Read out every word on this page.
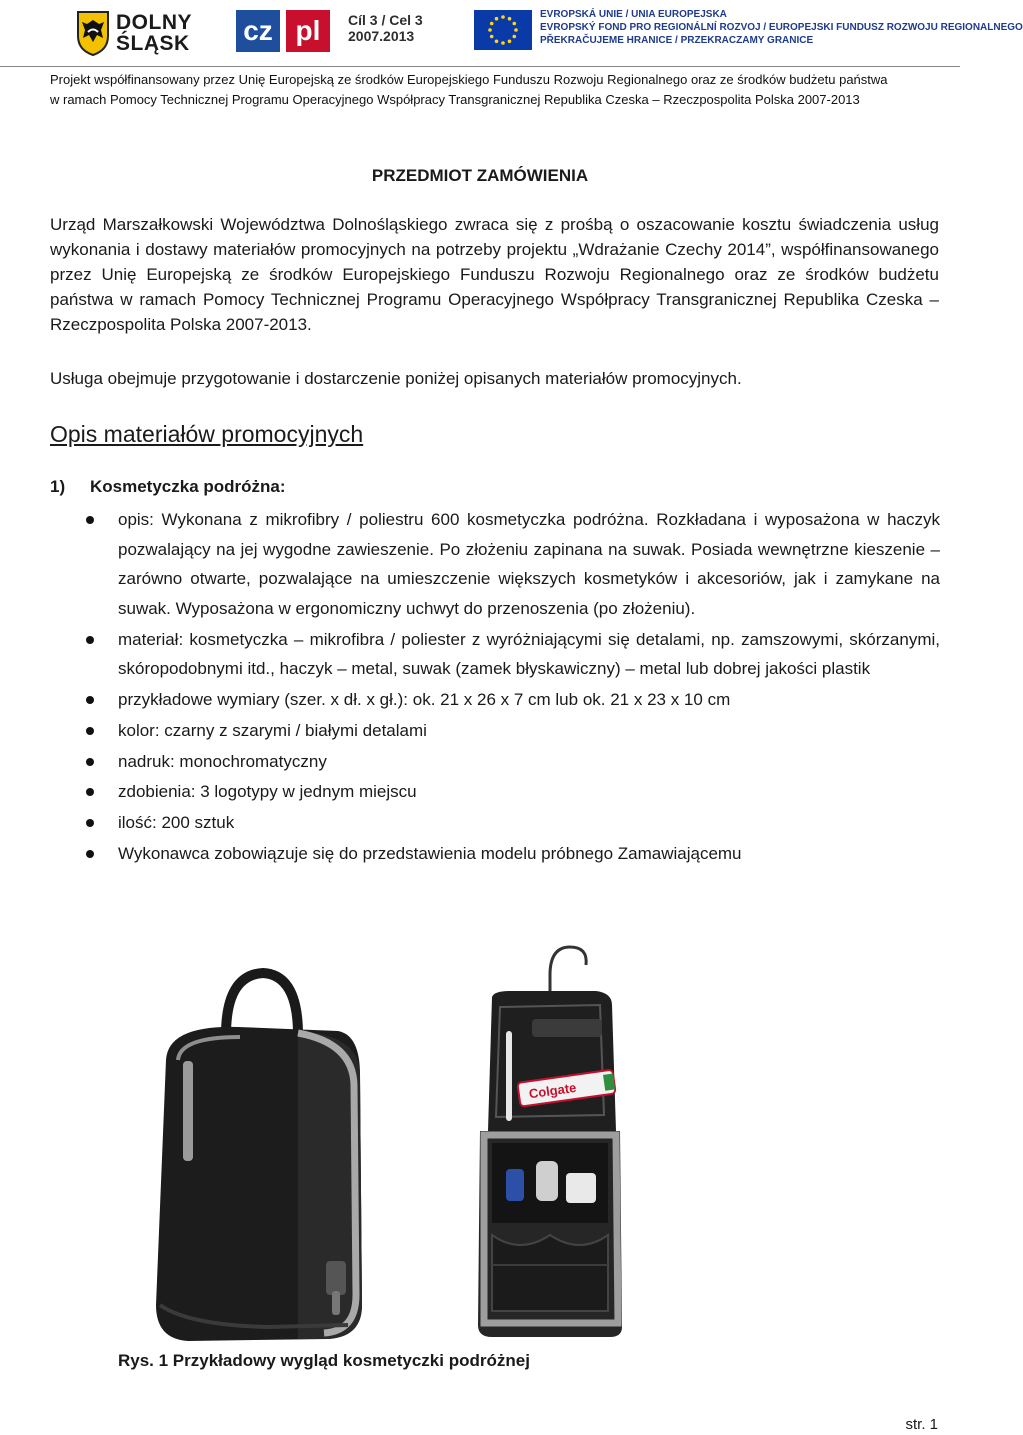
DOLNY
ŚLĄSK cz pl	Cíl 3 / Cel 3
2007.2013
EVROPSKÁ UNIE / UNIA EUROPEJSKA
EVROPSKÝ FOND PRO REGIONÁLNÍ ROZVOJ / EUROPEJSKI FUNDUSZ ROZWOJU REGIONALNEGO
PŘEKRAČUJEME HRANICE / PRZEKRACZAMY GRANICE
Projekt współfinansowany przez Unię Europejską ze środków Europejskiego Funduszu Rozwoju Regionalnego oraz ze środków budżetu państwa
w ramach Pomocy Technicznej Programu Operacyjnego Współpracy Transgranicznej Republika Czeska – Rzeczpospolita Polska 2007-2013
PRZEDMIOT ZAMÓWIENIA

Urząd Marszałkowski Województwa Dolnośląskiego zwraca się z prośbą o oszacowanie kosztu świadczenia usług wykonania i dostawy materiałów promocyjnych na potrzeby projektu „Wdrażanie Czechy 2014”, współfinansowanego przez Unię Europejską ze środków Europejskiego Funduszu Rozwoju Regionalnego oraz ze środków budżetu państwa w ramach Pomocy Technicznej Programu Operacyjnego Współpracy Transgranicznej Republika Czeska – Rzeczpospolita Polska 2007-2013.

Usługa obejmuje przygotowanie i dostarczenie poniżej opisanych materiałów promocyjnych.

Opis materiałów promocyjnych

1) Kosmetyczka podróżna:

opis: Wykonana z mikrofibry / poliestru 600 kosmetyczka podróżna. Rozkładana i wyposażona w haczyk pozwalający na jej wygodne zawieszenie. Po złożeniu zapinana na suwak. Posiada wewnętrzne kieszenie – zarówno otwarte, pozwalające na umieszczenie większych kosmetyków i akcesoriów, jak i zamykane na suwak. Wyposażona w ergonomiczny uchwyt do przenoszenia (po złożeniu).
materiał: kosmetyczka – mikrofibra / poliester z wyróżniającymi się detalami, np. zamszowymi, skórzanymi, skóropodobnymi itd., haczyk – metal, suwak (zamek błyskawiczny) – metal lub dobrej jakości plastik
przykładowe wymiary (szer. x dł. x gł.): ok. 21 x 26 x 7 cm lub ok. 21 x 23 x 10 cm
kolor: czarny z szarymi / białymi detalami
nadruk: monochromatyczny
zdobienia: 3 logotypy w jednym miejscu
ilość: 200 sztuk
Wykonawca zobowiązuje się do przedstawienia modelu próbnego Zamawiającemu
Colgate
Rys. 1 Przykładowy wygląd kosmetyczki podróżnej
str. 1
